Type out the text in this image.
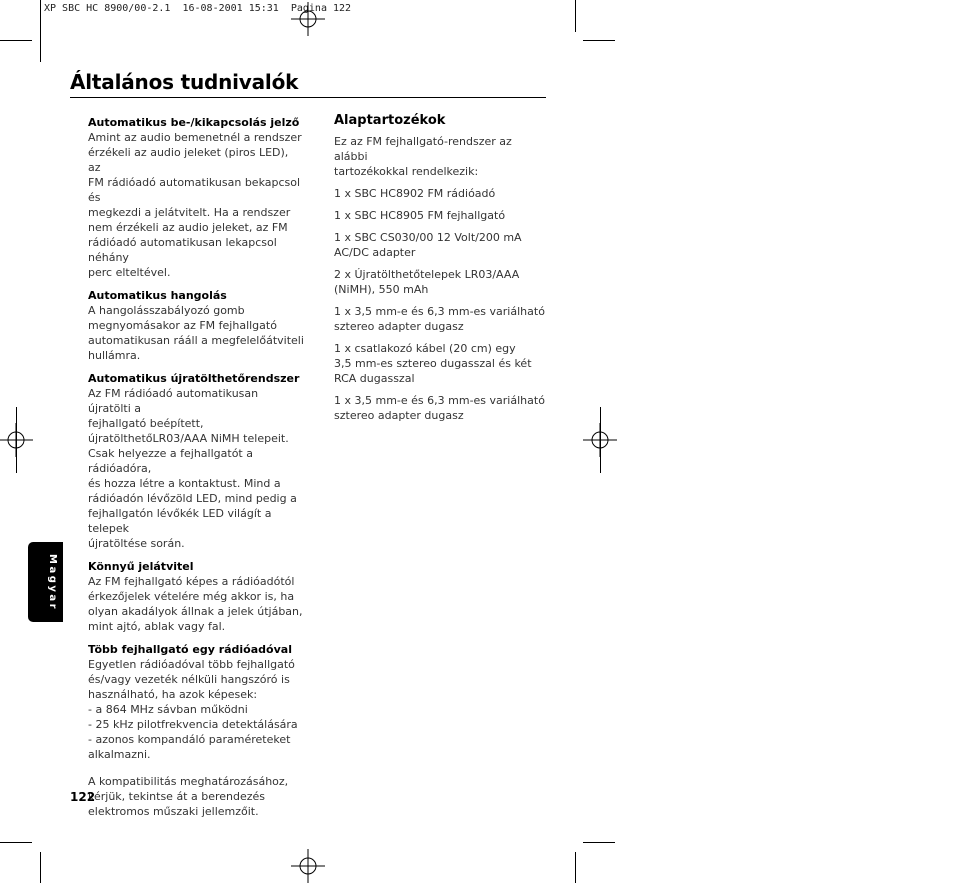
XP SBC HC 8900/00-2.1  16-08-2001 15:31  Pagina 122
Általános tudnivalók
Automatikus be-/kikapcsolás jelző
Amint az audio bemenetnél a rendszer
érzékeli az audio jeleket (piros LED), az
FM rádióadó automatikusan bekapcsol és
megkezdi a jelátvitelt. Ha a rendszer
nem érzékeli az audio jeleket, az FM
rádióadó automatikusan lekapcsol néhány
perc elteltével.
Automatikus hangolás
A hangolásszabályozó gomb
megnyomásakor az FM fejhallgató
automatikusan rááll a megfelelőátviteli
hullámra.
Automatikus újratölthetőrendszer
Az FM rádióadó automatikusan újratölti a
fejhallgató beépített,
újratölthetőLR03/AAA NiMH telepeit.
Csak helyezze a fejhallgatót a rádióadóra,
és hozza létre a kontaktust. Mind a
rádióadón lévőzöld LED, mind pedig a
fejhallgatón lévőkék LED világít a telepek
újratöltése során.
Könnyű jelátvitel
Az FM fejhallgató képes a rádióadótól
érkezőjelek vételére még akkor is, ha
olyan akadályok állnak a jelek útjában,
mint ajtó, ablak vagy fal.
Több fejhallgató egy rádióadóval
Egyetlen rádióadóval több fejhallgató
és/vagy vezeték nélküli hangszóró is
használható, ha azok képesek:
- a 864 MHz sávban működni
- 25 kHz pilotfrekvencia detektálására
- azonos kompandáló paraméreteket
alkalmazni.
A kompatibilitás meghatározásához,
kérjük, tekintse át a berendezés
elektromos műszaki jellemzőit.
Alaptartozékok
Ez az FM fejhallgató-rendszer az alábbi
tartozékokkal rendelkezik:
1 x SBC HC8902 FM rádióadó
1 x SBC HC8905 FM fejhallgató
1 x SBC CS030/00 12 Volt/200 mA
AC/DC adapter
2 x Újratölthetőtelepek LR03/AAA
(NiMH), 550 mAh
1 x 3,5 mm-e és 6,3 mm-es variálható
sztereo adapter dugasz
1 x csatlakozó kábel (20 cm) egy
3,5 mm-es sztereo dugasszal és két
RCA dugasszal
1 x 3,5 mm-e és 6,3 mm-es variálható
sztereo adapter dugasz
Magyar
122
